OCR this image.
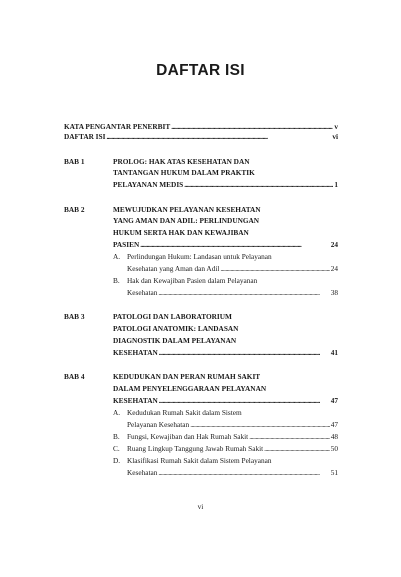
DAFTAR ISI
KATA PENGANTAR PENERBIT . . .	v
DAFTAR ISI . . .	vi
BAB 1	PROLOG: HAK ATAS KESEHATAN DAN
TANTANGAN HUKUM DALAM PRAKTIK
PELAYANAN MEDIS . . .	1
BAB 2	MEWUJUDKAN PELAYANAN KESEHATAN
YANG AMAN DAN ADIL: PERLINDUNGAN
HUKUM SERTA HAK DAN KEWAJIBAN
PASIEN . . .	24
A. Perlindungan Hukum: Landasan untuk Pelayanan
Kesehatan yang Aman dan Adil . . .	24
B. Hak dan Kewajiban Pasien dalam Pelayanan
Kesehatan . . .	38
BAB 3	PATOLOGI DAN LABORATORIUM
PATOLOGI ANATOMIK: LANDASAN
DIAGNOSTIK DALAM PELAYANAN
KESEHATAN . . .	41
BAB 4	KEDUDUKAN DAN PERAN RUMAH SAKIT
DALAM PENYELENGGARAAN PELAYANAN
KESEHATAN . . .	47
A. Kedudukan Rumah Sakit dalam Sistem
Pelayanan Kesehatan . . .	47
B. Fungsi, Kewajiban dan Hak Rumah Sakit . . .	48
C. Ruang Lingkup Tanggung Jawab Rumah Sakit . . .	50
D. Klasifikasi Rumah Sakit dalam Sistem Pelayanan
Kesehatan . . .	51
vi
